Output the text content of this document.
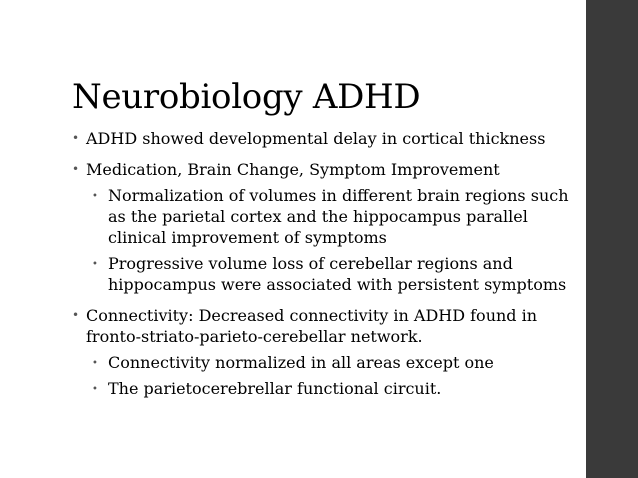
Neurobiology ADHD
• ADHD showed developmental delay in cortical thickness
• Medication, Brain Change, Symptom Improvement
• Normalization of volumes in different brain regions such as the parietal cortex and the hippocampus parallel clinical improvement of symptoms
• Progressive volume loss of cerebellar regions and hippocampus were associated with persistent symptoms
• Connectivity: Decreased connectivity in ADHD found in fronto-striato-parieto-cerebellar network.
• Connectivity normalized in all areas except one
• The parietocerebrellar functional circuit.
